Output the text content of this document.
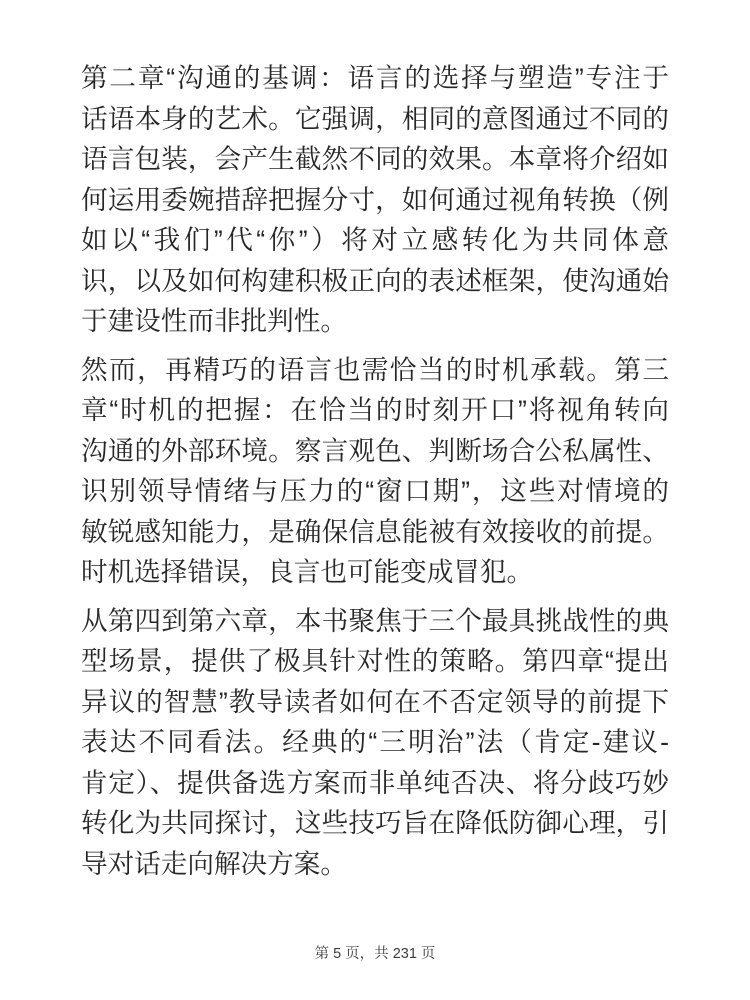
第二章“沟通的基调：语言的选择与塑造”专注于
话语本身的艺术。它强调，相同的意图通过不同的
语言包装，会产生截然不同的效果。本章将介绍如
何运用委婉措辞把握分寸，如何通过视角转换（例
如以“我们”代“你”）将对立感转化为共同体意
识，以及如何构建积极正向的表述框架，使沟通始
于建设性而非批判性。
然而，再精巧的语言也需恰当的时机承载。第三
章“时机的把握：在恰当的时刻开口”将视角转向
沟通的外部环境。察言观色、判断场合公私属性、
识别领导情绪与压力的“窗口期”，这些对情境的
敏锐感知能力，是确保信息能被有效接收的前提。
时机选择错误，良言也可能变成冒犯。
从第四到第六章，本书聚焦于三个最具挑战性的典
型场景，提供了极具针对性的策略。第四章“提出
异议的智慧”教导读者如何在不否定领导的前提下
表达不同看法。经典的“三明治”法（肯定-建议-
肯定）、提供备选方案而非单纯否决、将分歧巧妙
转化为共同探讨，这些技巧旨在降低防御心理，引
导对话走向解决方案。
第 5 页，共 231 页
